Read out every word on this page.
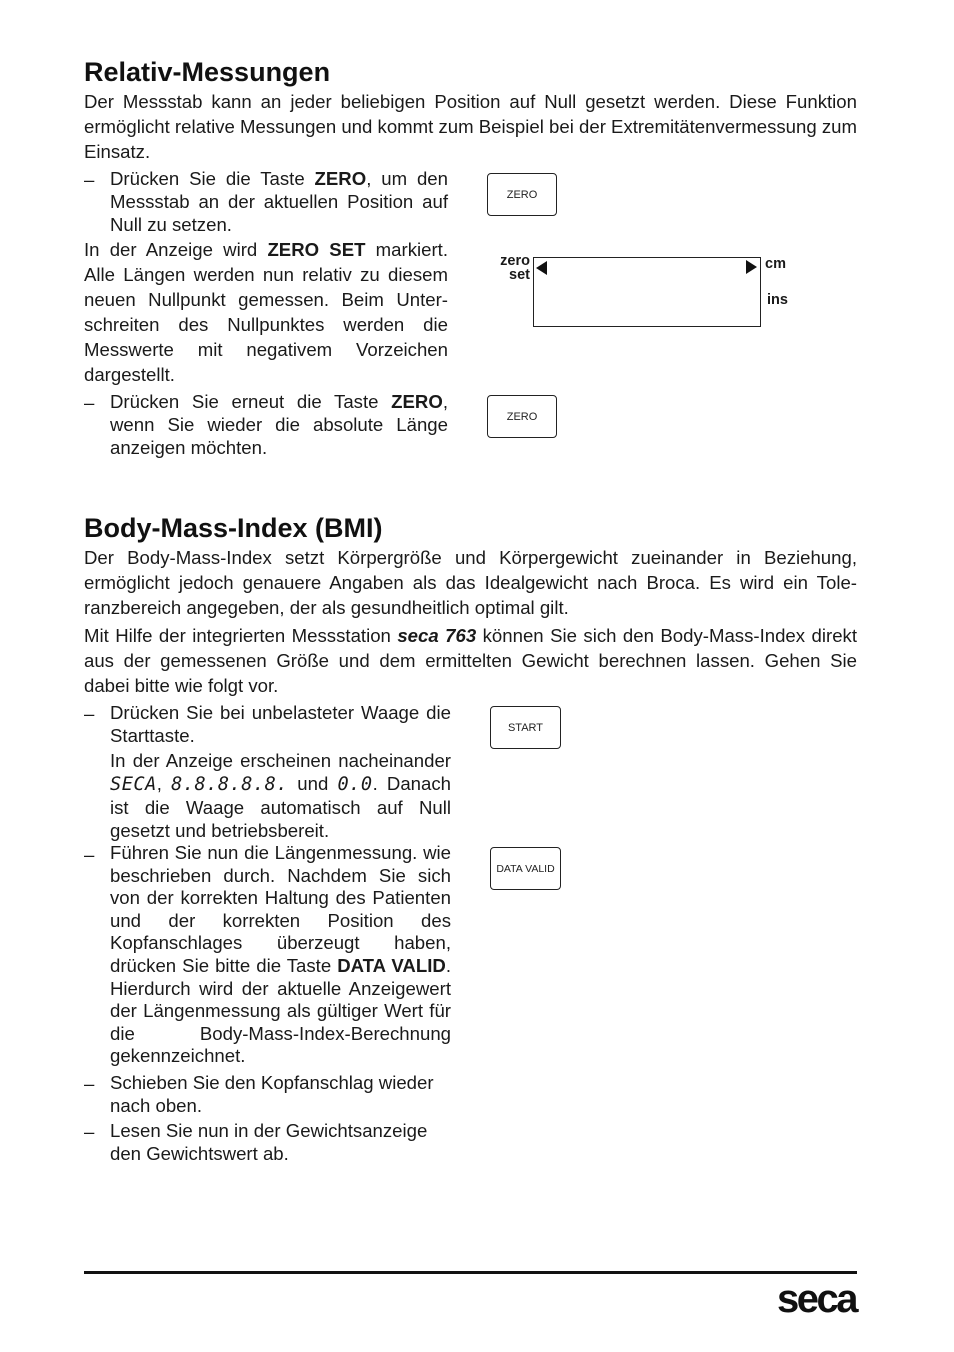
Relativ-Messungen

Der Messstab kann an jeder beliebigen Position auf Null gesetzt werden. Diese Funktion ermöglicht relative Messungen und kommt zum Beispiel bei der Extremitätenvermessung zum Einsatz.

– Drücken Sie die Taste ZERO, um den Messstab an der aktuellen Position auf Null zu setzen.

In der Anzeige wird ZERO SET markiert. Alle Längen werden nun relativ zu diesem neuen Nullpunkt gemessen. Beim Unterschreiten des Nullpunktes werden die Messwerte mit negativem Vorzeichen dargestellt.

– Drücken Sie erneut die Taste ZERO, wenn Sie wieder die absolute Länge anzeigen möchten.
ZERO
zero
set
cm
ins
ZERO
Body-Mass-Index (BMI)

Der Body-Mass-Index setzt Körpergröße und Körpergewicht zueinander in Beziehung, ermöglicht jedoch genauere Angaben als das Idealgewicht nach Broca. Es wird ein Toleranzbereich angegeben, der als gesundheitlich optimal gilt.

Mit Hilfe der integrierten Messstation seca 763 können Sie sich den Body-Mass-Index direkt aus der gemessenen Größe und dem ermittelten Gewicht berechnen lassen. Gehen Sie dabei bitte wie folgt vor.

– Drücken Sie bei unbelasteter Waage die Starttaste.
In der Anzeige erscheinen nacheinander SECA, 8.8.8.8.8. und 0.0. Danach ist die Waage automatisch auf Null gesetzt und betriebsbereit.
– Führen Sie nun die Längenmessung. wie beschrieben durch. Nachdem Sie sich von der korrekten Haltung des Patienten und der korrekten Position des Kopfanschlages überzeugt haben, drücken Sie bitte die Taste DATA VALID. Hierdurch wird der aktuelle Anzeigewert der Längenmessung als gültiger Wert für die Body-Mass-Index-Berechnung gekennzeichnet.
– Schieben Sie den Kopfanschlag wieder nach oben.
– Lesen Sie nun in der Gewichtsanzeige den Gewichtswert ab.
START
DATA VALID
seca
